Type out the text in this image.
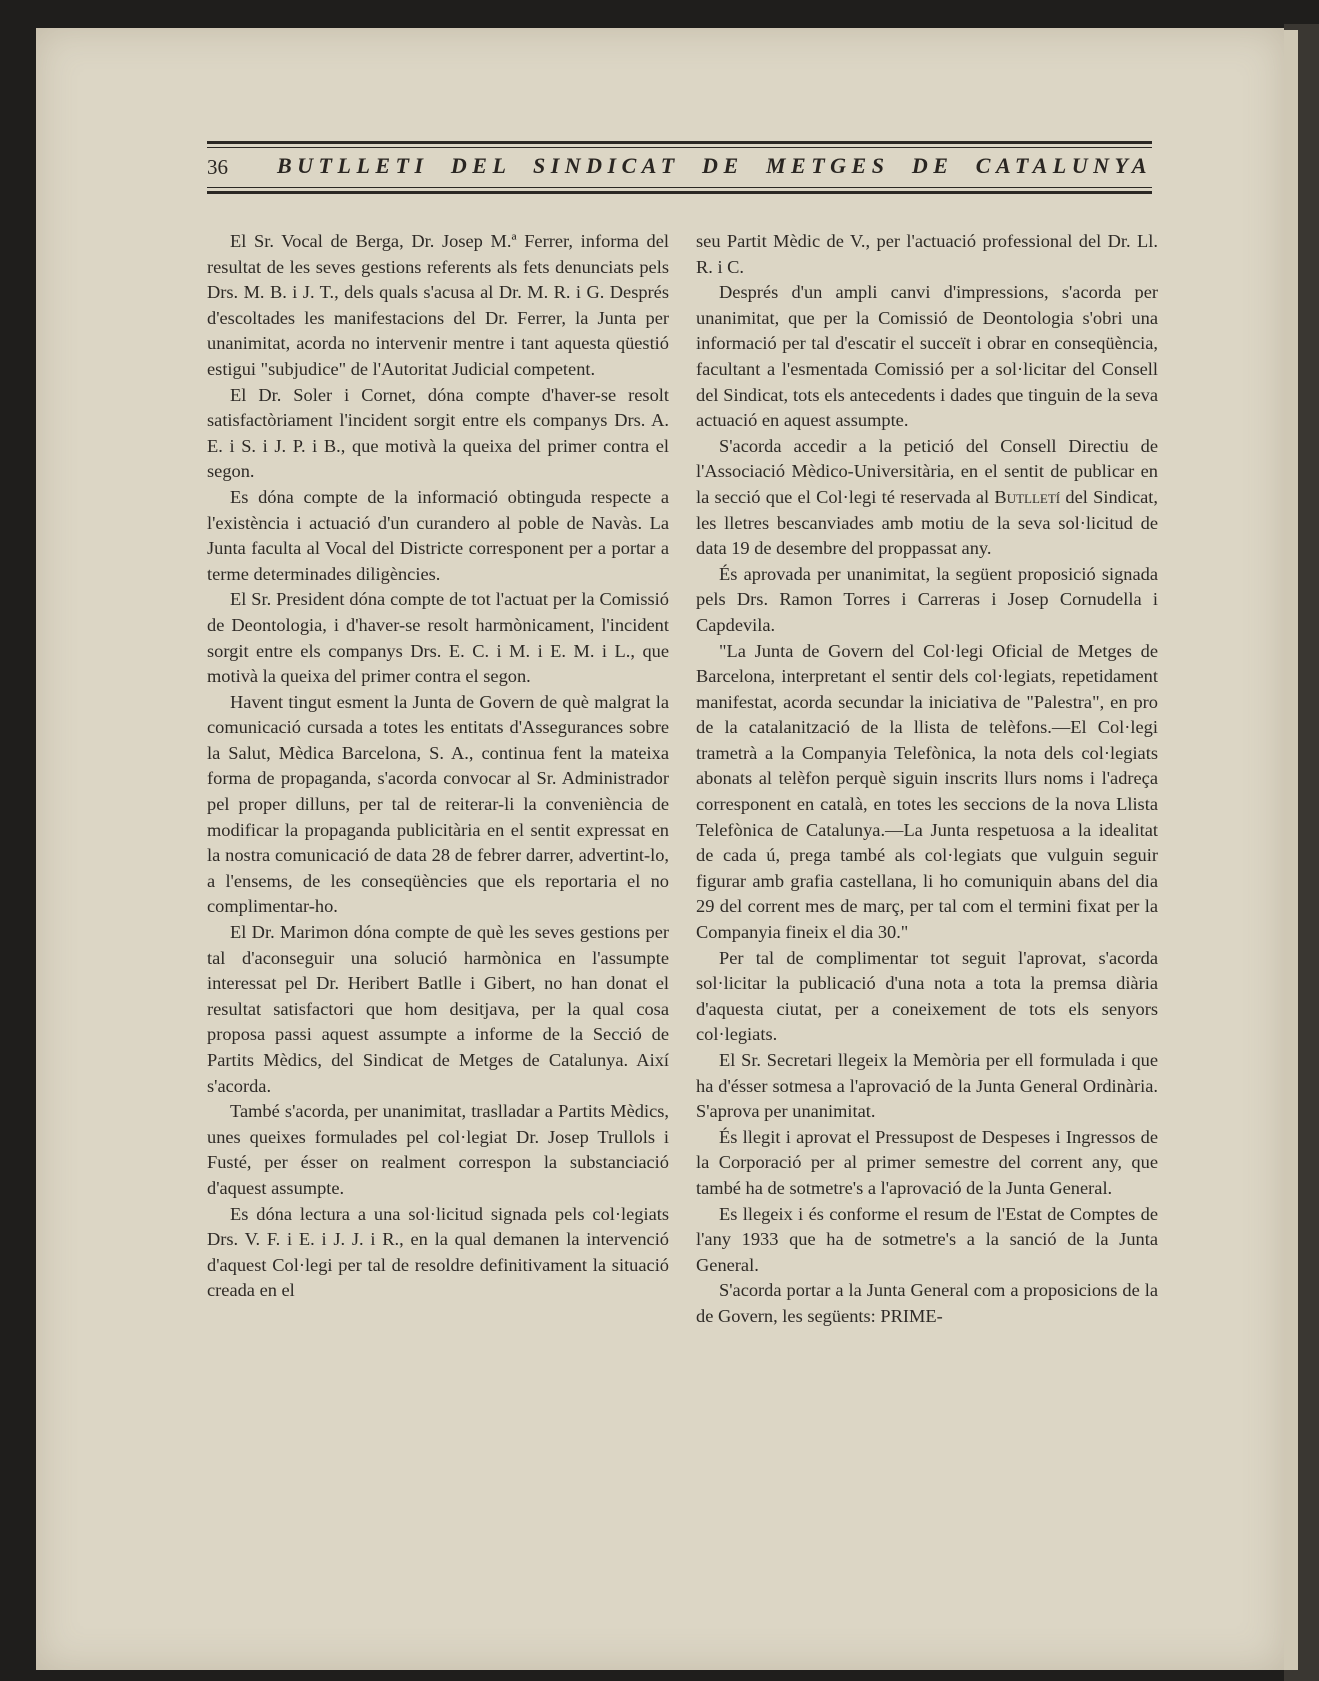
36 BUTLLETI DEL SINDICAT DE METGES DE CATALUNYA

El Sr. Vocal de Berga, Dr. Josep M.ª Ferrer, informa del resultat de les seves gestions referents als fets denunciats pels Drs. M. B. i J. T., dels quals s'acusa al Dr. M. R. i G. Després d'escoltades les manifestacions del Dr. Ferrer, la Junta per unanimitat, acorda no intervenir mentre i tant aquesta qüestió estigui "subjudice" de l'Autoritat Judicial competent.

El Dr. Soler i Cornet, dóna compte d'haver-se resolt satisfactòriament l'incident sorgit entre els companys Drs. A. E. i S. i J. P. i B., que motivà la queixa del primer contra el segon.

Es dóna compte de la informació obtinguda respecte a l'existència i actuació d'un curandero al poble de Navàs. La Junta faculta al Vocal del Districte corresponent per a portar a terme determinades diligències.

El Sr. President dóna compte de tot l'actuat per la Comissió de Deontologia, i d'haver-se resolt harmònicament, l'incident sorgit entre els companys Drs. E. C. i M. i E. M. i L., que motivà la queixa del primer contra el segon.

Havent tingut esment la Junta de Govern de què malgrat la comunicació cursada a totes les entitats d'Assegurances sobre la Salut, Mèdica Barcelona, S. A., continua fent la mateixa forma de propaganda, s'acorda convocar al Sr. Administrador pel proper dilluns, per tal de reiterar-li la conveniència de modificar la propaganda publicitària en el sentit expressat en la nostra comunicació de data 28 de febrer darrer, advertint-lo, a l'ensems, de les conseqüències que els reportaria el no complimentar-ho.

El Dr. Marimon dóna compte de què les seves gestions per tal d'aconseguir una solució harmònica en l'assumpte interessat pel Dr. Heribert Batlle i Gibert, no han donat el resultat satisfactori que hom desitjava, per la qual cosa proposa passi aquest assumpte a informe de la Secció de Partits Mèdics, del Sindicat de Metges de Catalunya. Així s'acorda.

També s'acorda, per unanimitat, traslladar a Partits Mèdics, unes queixes formulades pel col·legiat Dr. Josep Trullols i Fusté, per ésser on realment correspon la substanciació d'aquest assumpte.

Es dóna lectura a una sol·licitud signada pels col·legiats Drs. V. F. i E. i J. J. i R., en la qual demanen la intervenció d'aquest Col·legi per tal de resoldre definitivament la situació creada en el

seu Partit Mèdic de V., per l'actuació professional del Dr. Ll. R. i C.

Després d'un ampli canvi d'impressions, s'acorda per unanimitat, que per la Comissió de Deontologia s'obri una informació per tal d'escatir el succeït i obrar en conseqüència, facultant a l'esmentada Comissió per a sol·licitar del Consell del Sindicat, tots els antecedents i dades que tinguin de la seva actuació en aquest assumpte.

S'acorda accedir a la petició del Consell Directiu de l'Associació Mèdico-Universitària, en el sentit de publicar en la secció que el Col·legi té reservada al Butlletí del Sindicat, les lletres bescanviades amb motiu de la seva sol·licitud de data 19 de desembre del proppassat any.

És aprovada per unanimitat, la següent proposició signada pels Drs. Ramon Torres i Carreras i Josep Cornudella i Capdevila.

"La Junta de Govern del Col·legi Oficial de Metges de Barcelona, interpretant el sentir dels col·legiats, repetidament manifestat, acorda secundar la iniciativa de "Palestra", en pro de la catalanització de la llista de telèfons.—El Col·legi trametrà a la Companyia Telefònica, la nota dels col·legiats abonats al telèfon perquè siguin inscrits llurs noms i l'adreça corresponent en català, en totes les seccions de la nova Llista Telefònica de Catalunya.—La Junta respetuosa a la idealitat de cada ú, prega també als col·legiats que vulguin seguir figurar amb grafia castellana, li ho comuniquin abans del dia 29 del corrent mes de març, per tal com el termini fixat per la Companyia fineix el dia 30."

Per tal de complimentar tot seguit l'aprovat, s'acorda sol·licitar la publicació d'una nota a tota la premsa diària d'aquesta ciutat, per a coneixement de tots els senyors col·legiats.

El Sr. Secretari llegeix la Memòria per ell formulada i que ha d'ésser sotmesa a l'aprovació de la Junta General Ordinària. S'aprova per unanimitat.

És llegit i aprovat el Pressupost de Despeses i Ingressos de la Corporació per al primer semestre del corrent any, que també ha de sotmetre's a l'aprovació de la Junta General.

Es llegeix i és conforme el resum de l'Estat de Comptes de l'any 1933 que ha de sotmetre's a la sanció de la Junta General.

S'acorda portar a la Junta General com a proposicions de la de Govern, les següents: PRIME-
